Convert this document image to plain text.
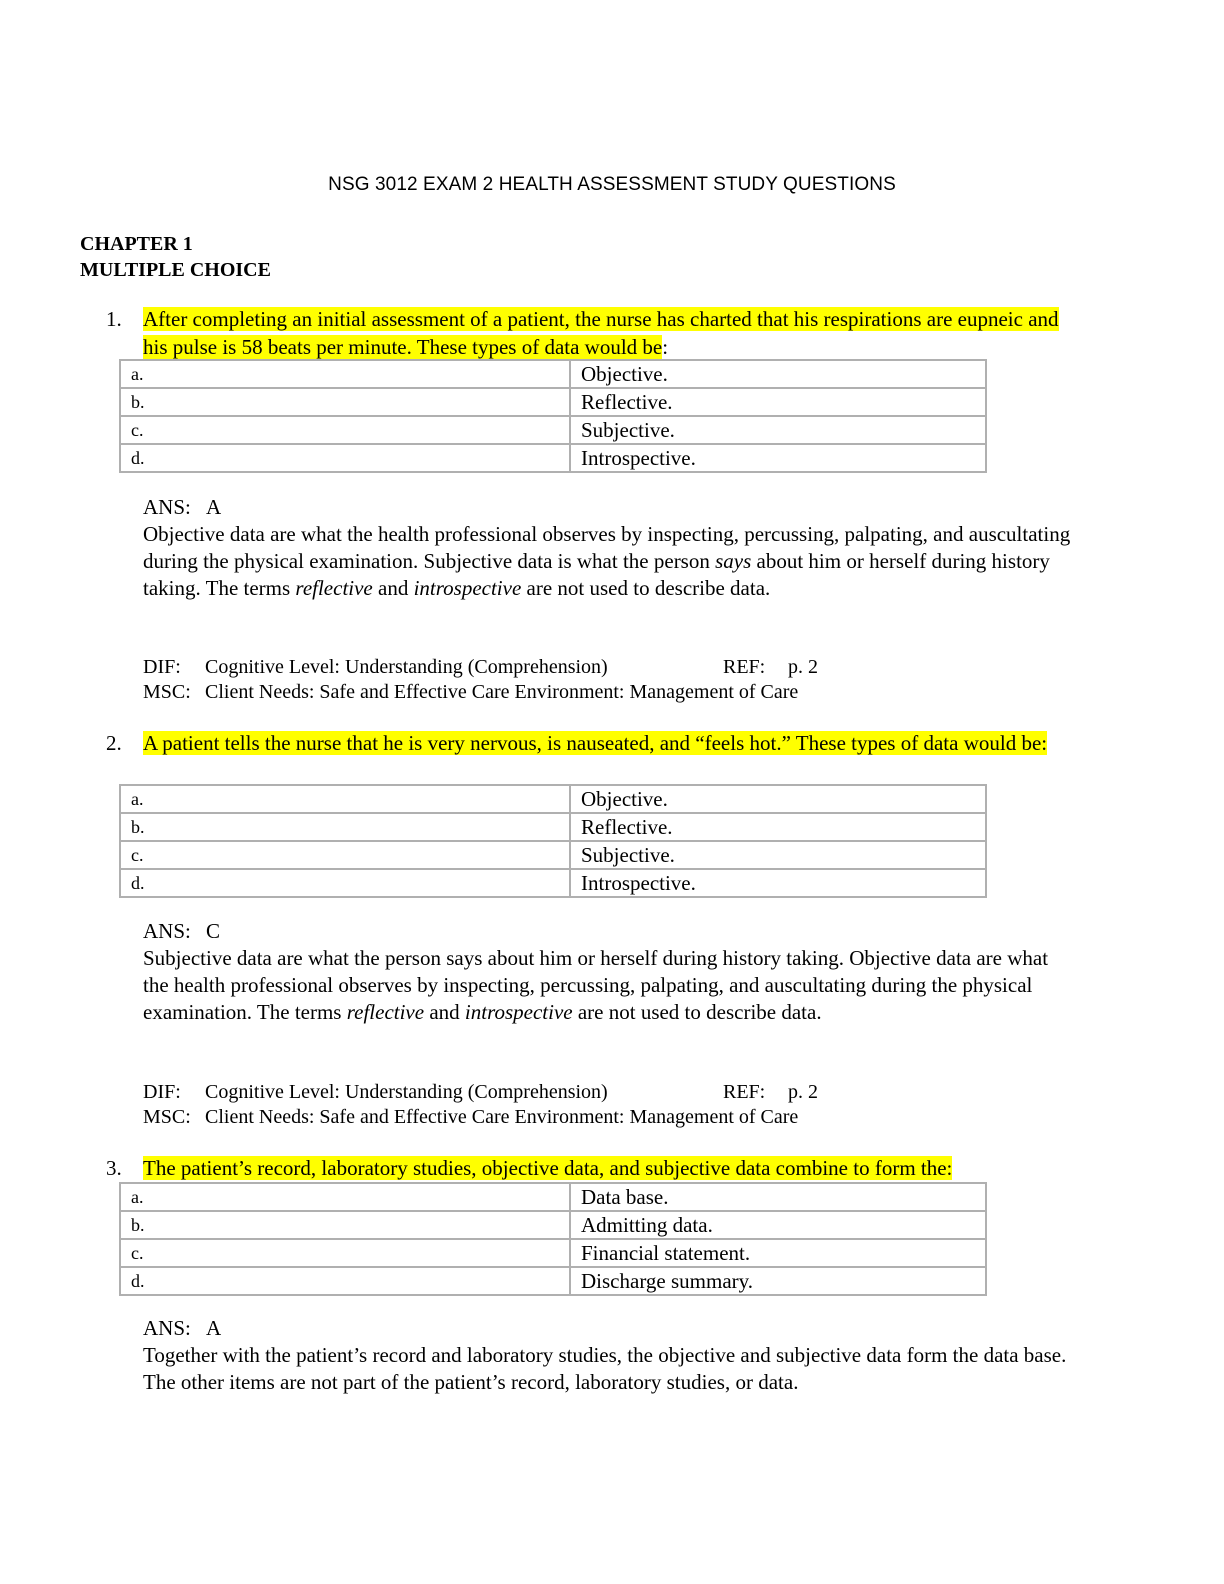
NSG 3012 EXAM 2 HEALTH ASSESSMENT STUDY QUESTIONS
CHAPTER 1
MULTIPLE CHOICE
1. After completing an initial assessment of a patient, the nurse has charted that his respirations are eupneic and his pulse is 58 beats per minute. These types of data would be:
a.	Objective.
b.	Reflective.
c.	Subjective.
d.	Introspective.

ANS: A

Objective data are what the health professional observes by inspecting, percussing, palpating, and auscultating during the physical examination. Subjective data is what the person says about him or herself during history taking. The terms reflective and introspective are not used to describe data.

DIF: Cognitive Level: Understanding (Comprehension)	REF: p. 2
MSC: Client Needs: Safe and Effective Care Environment: Management of Care
2. A patient tells the nurse that he is very nervous, is nauseated, and “feels hot.” These types of data would be:
a.	Objective.
b.	Reflective.
c.	Subjective.
d.	Introspective.

ANS: C

Subjective data are what the person says about him or herself during history taking. Objective data are what the health professional observes by inspecting, percussing, palpating, and auscultating during the physical examination. The terms reflective and introspective are not used to describe data.

DIF: Cognitive Level: Understanding (Comprehension)	REF: p. 2
MSC: Client Needs: Safe and Effective Care Environment: Management of Care
3. The patient’s record, laboratory studies, objective data, and subjective data combine to form the:
a.	Data base.
b.	Admitting data.
c.	Financial statement.
d.	Discharge summary.

ANS: A

Together with the patient’s record and laboratory studies, the objective and subjective data form the data base. The other items are not part of the patient’s record, laboratory studies, or data.
